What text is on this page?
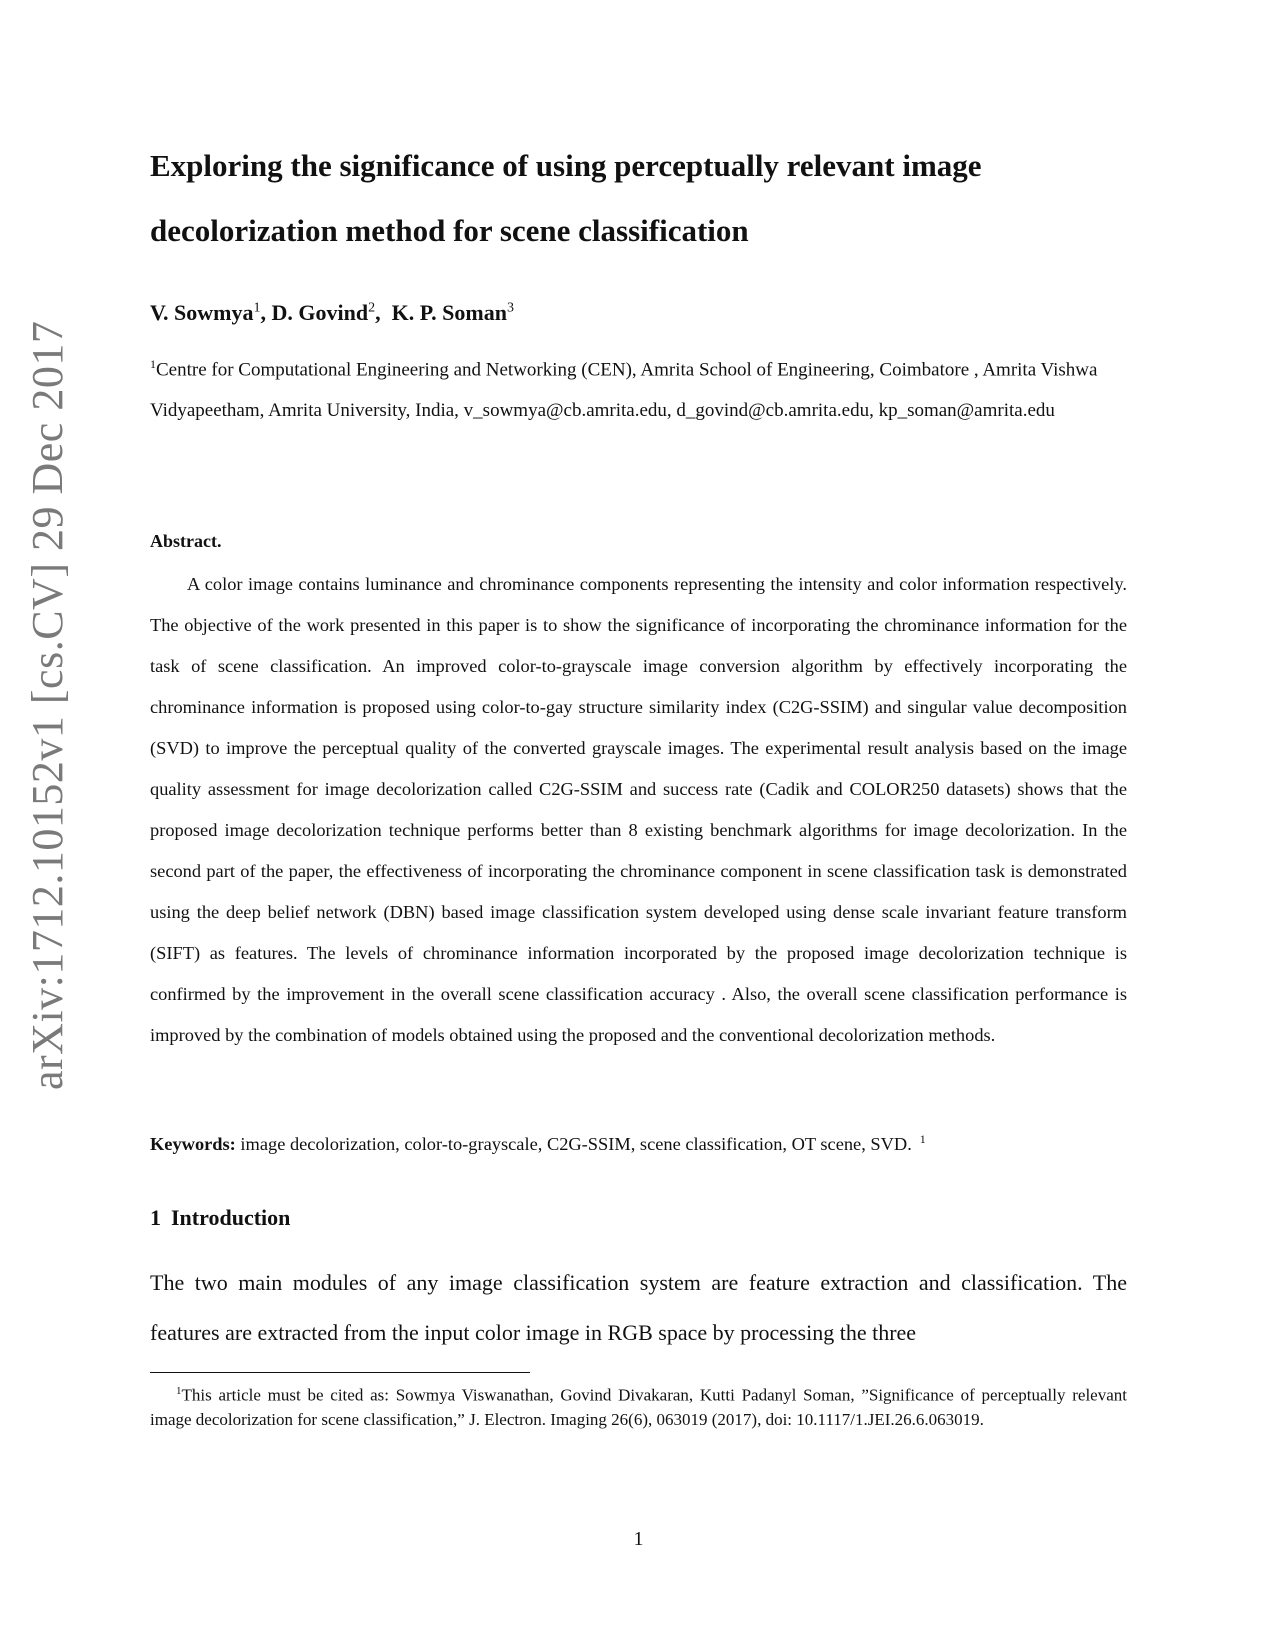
arXiv:1712.10152v1 [cs.CV] 29 Dec 2017
Exploring the significance of using perceptually relevant image decolorization method for scene classification
V. Sowmya$^1$, D. Govind$^2$,  K. P. Soman$^3$

$^1$Centre for Computational Engineering and Networking (CEN), Amrita School of Engineering, Coimbatore , Amrita Vishwa Vidyapeetham, Amrita University, India, v_sowmya@cb.amrita.edu, d_govind@cb.amrita.edu, kp_soman@amrita.edu

Abstract.

A color image contains luminance and chrominance components representing the intensity and color information respectively. The objective of the work presented in this paper is to show the significance of incorporating the chrominance information for the task of scene classification. An improved color-to-grayscale image conversion algorithm by effectively incorporating the chrominance information is proposed using color-to-gay structure similarity index (C2G-SSIM) and singular value decomposition (SVD) to improve the perceptual quality of the converted grayscale images. The experimental result analysis based on the image quality assessment for image decolorization called C2G-SSIM and success rate (Cadik and COLOR250 datasets) shows that the proposed image decolorization technique performs better than 8 existing benchmark algorithms for image decolorization. In the second part of the paper, the effectiveness of incorporating the chrominance component in scene classification task is demonstrated using the deep belief network (DBN) based image classification system developed using dense scale invariant feature transform (SIFT) as features. The levels of chrominance information incorporated by the proposed image decolorization technique is confirmed by the improvement in the overall scene classification accuracy . Also, the overall scene classification performance is improved by the combination of models obtained using the proposed and the conventional decolorization methods.

Keywords: image decolorization, color-to-grayscale, C2G-SSIM, scene classification, OT scene, SVD. $^1$

1 Introduction

The two main modules of any image classification system are feature extraction and classification. The features are extracted from the input color image in RGB space by processing the three

$^1$This article must be cited as: Sowmya Viswanathan, Govind Divakaran, Kutti Padanyl Soman, ”Significance of perceptually relevant image decolorization for scene classification,” J. Electron. Imaging 26(6), 063019 (2017), doi: 10.1117/1.JEI.26.6.063019.

1
